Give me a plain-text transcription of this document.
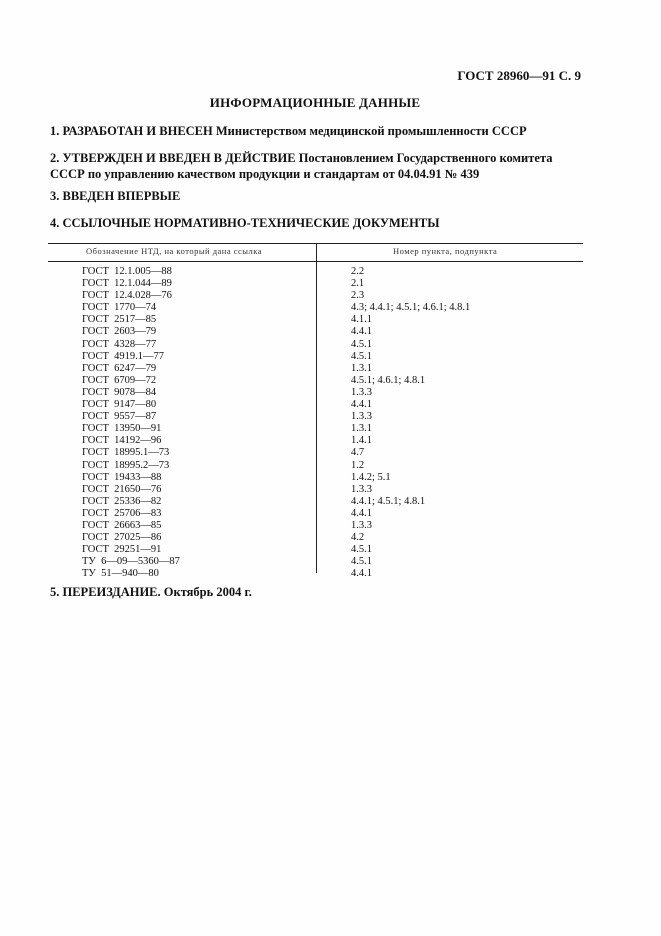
ГОСТ 28960—91 С. 9
ИНФОРМАЦИОННЫЕ ДАННЫЕ
1. РАЗРАБОТАН И ВНЕСЕН Министерством медицинской промышленности СССР
2. УТВЕРЖДЕН И ВВЕДЕН В ДЕЙСТВИЕ Постановлением Государственного комитета СССР по управлению качеством продукции и стандартам от 04.04.91 № 439
3. ВВЕДЕН ВПЕРВЫЕ
4. ССЫЛОЧНЫЕ НОРМАТИВНО-ТЕХНИЧЕСКИЕ ДОКУМЕНТЫ
Обозначение НТД, на который дана ссылка	Номер пункта, подпункта
ГОСТ  12.1.005—88	2.2
ГОСТ  12.1.044—89	2.1
ГОСТ  12.4.028—76	2.3
ГОСТ  1770—74	4.3; 4.4.1; 4.5.1; 4.6.1; 4.8.1
ГОСТ  2517—85	4.1.1
ГОСТ  2603—79	4.4.1
ГОСТ  4328—77	4.5.1
ГОСТ  4919.1—77	4.5.1
ГОСТ  6247—79	1.3.1
ГОСТ  6709—72	4.5.1; 4.6.1; 4.8.1
ГОСТ  9078—84	1.3.3
ГОСТ  9147—80	4.4.1
ГОСТ  9557—87	1.3.3
ГОСТ  13950—91	1.3.1
ГОСТ  14192—96	1.4.1
ГОСТ  18995.1—73	4.7
ГОСТ  18995.2—73	1.2
ГОСТ  19433—88	1.4.2; 5.1
ГОСТ  21650—76	1.3.3
ГОСТ  25336—82	4.4.1; 4.5.1; 4.8.1
ГОСТ  25706—83	4.4.1
ГОСТ  26663—85	1.3.3
ГОСТ  27025—86	4.2
ГОСТ  29251—91	4.5.1
ТУ  6—09—5360—87	4.5.1
ТУ  51—940—80	4.4.1
5. ПЕРЕИЗДАНИЕ. Октябрь 2004 г.
